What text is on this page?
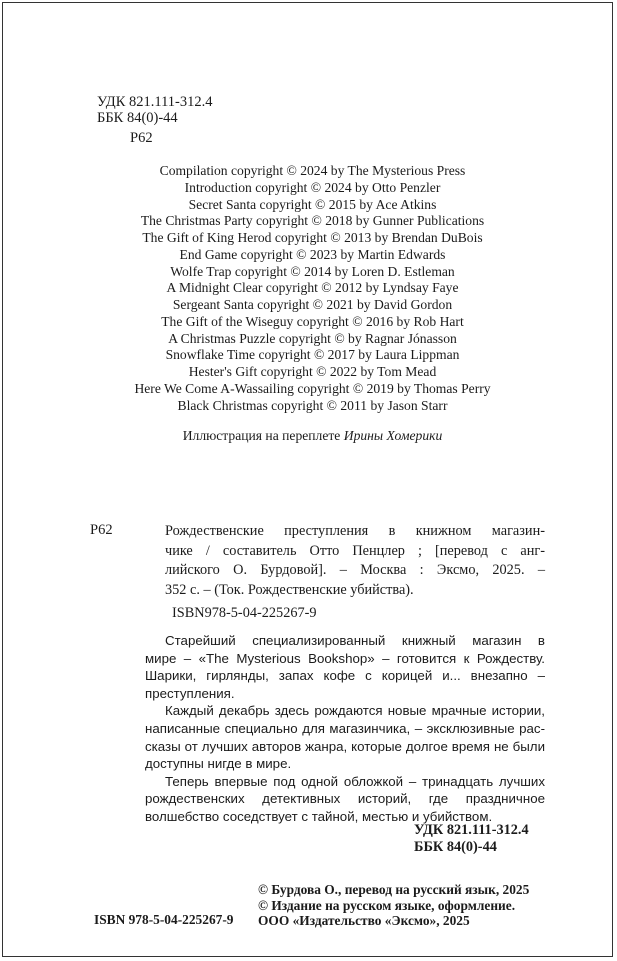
УДК 821.111-312.4
ББК 84(0)-44
Р62
Compilation copyright © 2024 by The Mysterious Press
Introduction copyright © 2024 by Otto Penzler
Secret Santa copyright © 2015 by Ace Atkins
The Christmas Party copyright © 2018 by Gunner Publications
The Gift of King Herod copyright © 2013 by Brendan DuBois
End Game copyright © 2023 by Martin Edwards
Wolfe Trap copyright © 2014 by Loren D. Estleman
A Midnight Clear copyright © 2012 by Lyndsay Faye
Sergeant Santa copyright © 2021 by David Gordon
The Gift of the Wiseguy copyright © 2016 by Rob Hart
A Christmas Puzzle copyright © by Ragnar Jónasson
Snowflake Time copyright © 2017 by Laura Lippman
Hester's Gift copyright © 2022 by Tom Mead
Here We Come A-Wassailing copyright © 2019 by Thomas Perry
Black Christmas copyright © 2011 by Jason Starr
Иллюстрация на переплете Ирины Хомерики
Р62	Рождественские преступления в книжном магазин-
чике / составитель Отто Пенцлер ; [перевод с анг-
лийского О. Бурдовой]. – Москва : Эксмо, 2025. –
352 с. – (Ток. Рождественские убийства).
ISBN978-5-04-225267-9
Старейший специализированный книжный магазин в
мире – «The Mysterious Bookshop» – готовится к Рождеству.
Шарики, гирлянды, запах кофе с корицей и... внезапно –
преступления.
Каждый декабрь здесь рождаются новые мрачные истории,
написанные специально для магазинчика, – эксклюзивные рас-
сказы от лучших авторов жанра, которые долгое время не были
доступны нигде в мире.
Теперь впервые под одной обложкой – тринадцать лучших
рождественских детективных историй, где праздничное
волшебство соседствует с тайной, местью и убийством.
УДК 821.111-312.4
ББК 84(0)-44
© Бурдова О., перевод на русский язык, 2025
© Издание на русском языке, оформление.
ООО «Издательство «Эксмо», 2025
ISBN 978-5-04-225267-9
